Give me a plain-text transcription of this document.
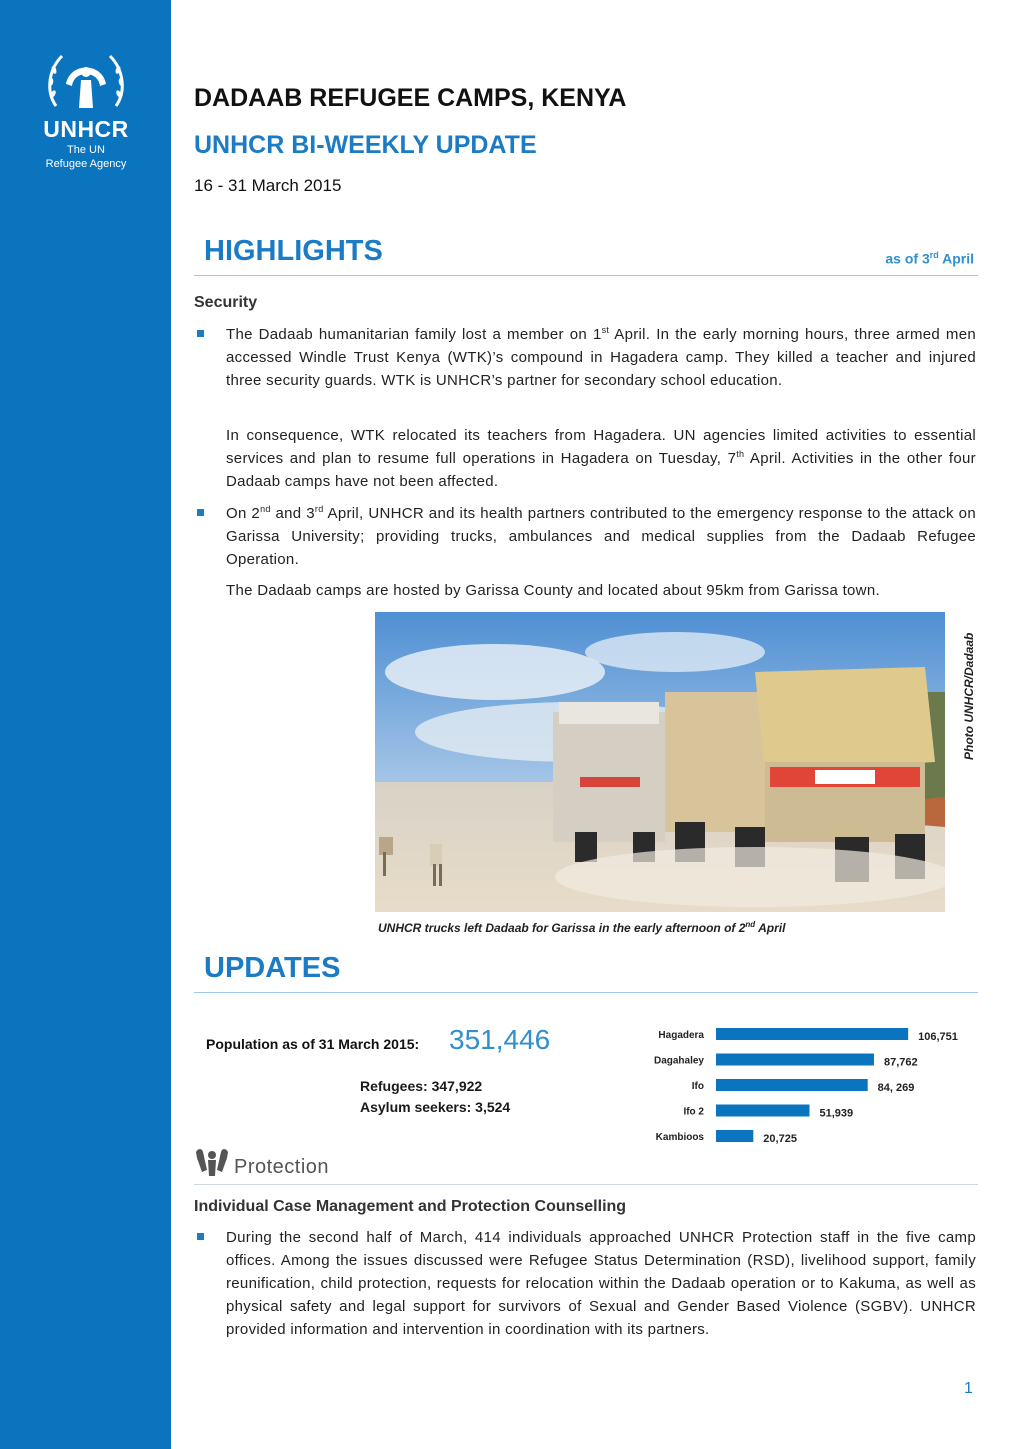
UNHCR
The UN
Refugee Agency
DADAAB REFUGEE CAMPS, KENYA
UNHCR BI-WEEKLY UPDATE
16 - 31 March 2015
HIGHLIGHTS	as of 3rd April
Security
The Dadaab humanitarian family lost a member on 1st April. In the early morning hours, three armed men accessed Windle Trust Kenya (WTK)’s compound in Hagadera camp. They killed a teacher and injured three security guards. WTK is UNHCR’s partner for secondary school education.
In consequence, WTK relocated its teachers from Hagadera. UN agencies limited activities to essential services and plan to resume full operations in Hagadera on Tuesday, 7th April. Activities in the other four Dadaab camps have not been affected.
On 2nd and 3rd April, UNHCR and its health partners contributed to the emergency response to the attack on Garissa University; providing trucks, ambulances and medical supplies from the Dadaab Refugee Operation.
The Dadaab camps are hosted by Garissa County and located about 95km from Garissa town.
Photo UNHCR/Dadaab
UNHCR trucks left Dadaab for Garissa in the early afternoon of 2nd April
UPDATES
Population as of 31 March 2015: 351,446
Refugees: 347,922
Asylum seekers: 3,524
Hagadera	106,751
Dagahaley	87,762
Ifo	84, 269
Ifo 2	51,939
Kambioos	20,725
Protection
Individual Case Management and Protection Counselling
During the second half of March, 414 individuals approached UNHCR Protection staff in the five camp offices. Among the issues discussed were Refugee Status Determination (RSD), livelihood support, family reunification, child protection, requests for relocation within the Dadaab operation or to Kakuma, as well as physical safety and legal support for survivors of Sexual and Gender Based Violence (SGBV). UNHCR provided information and intervention in coordination with its partners.
1
